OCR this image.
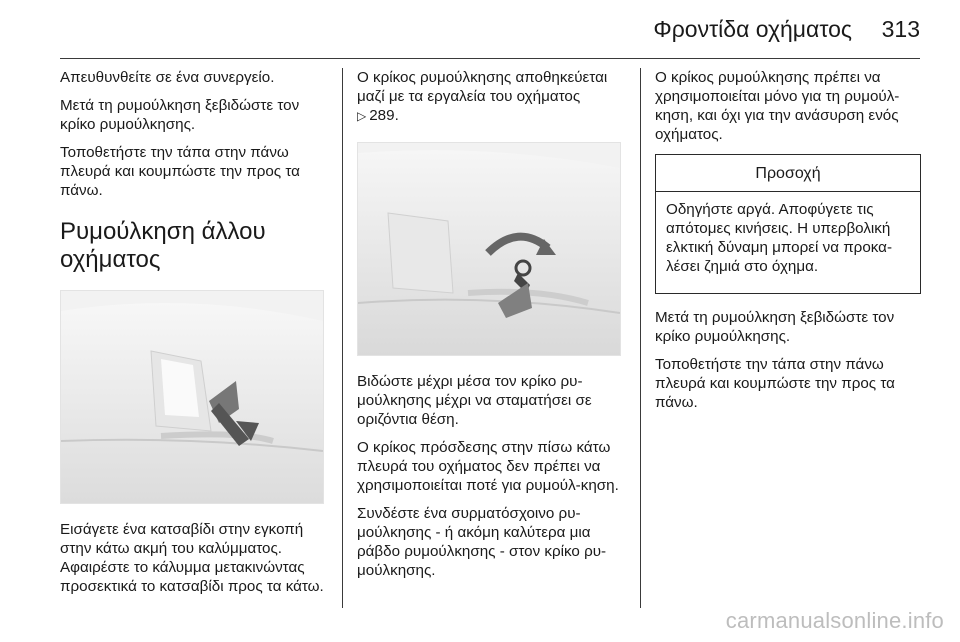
Φροντίδα οχήματος 313

Απευθυνθείτε σε ένα συνεργείο.

Μετά τη ρυμούλκηση ξεβιδώστε τον κρίκο ρυμούλκησης.

Τοποθετήστε την τάπα στην πάνω πλευρά και κουμπώστε την προς τα πάνω.

Ρυμούλκηση άλλου οχήματος

Εισάγετε ένα κατσαβίδι στην εγκοπή στην κάτω ακμή του καλύμματος. Αφαιρέστε το κάλυμμα μετακινώντας προσεκτικά το κατσαβίδι προς τα κάτω.

Ο κρίκος ρυμούλκησης αποθηκεύεται μαζί με τα εργαλεία του οχήματος
▷ 289.

Βιδώστε μέχρι μέσα τον κρίκο ρυ-μούλκησης μέχρι να σταματήσει σε οριζόντια θέση.

Ο κρίκος πρόσδεσης στην πίσω κάτω πλευρά του οχήματος δεν πρέπει να χρησιμοποιείται ποτέ για ρυμούλ-κηση.

Συνδέστε ένα συρματόσχοινο ρυ-μούλκησης - ή ακόμη καλύτερα μια ράβδο ρυμούλκησης - στον κρίκο ρυ-μούλκησης.

Ο κρίκος ρυμούλκησης πρέπει να χρησιμοποιείται μόνο για τη ρυμούλ-κηση, και όχι για την ανάσυρση ενός οχήματος.

Προσοχή

Οδηγήστε αργά. Αποφύγετε τις απότομες κινήσεις. Η υπερβολική ελκτική δύναμη μπορεί να προκα-λέσει ζημιά στο όχημα.

Μετά τη ρυμούλκηση ξεβιδώστε τον κρίκο ρυμούλκησης.

Τοποθετήστε την τάπα στην πάνω πλευρά και κουμπώστε την προς τα πάνω.

carmanualsonline.info
